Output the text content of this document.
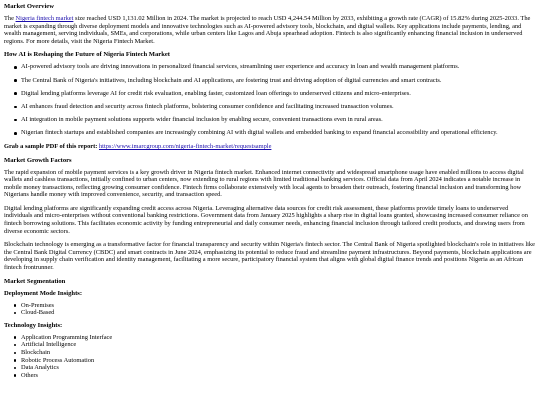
Market Overview

The Nigeria fintech market size reached USD 1,131.02 Million in 2024. The market is projected to reach USD 4,244.54 Million by 2033, exhibiting a growth rate (CAGR) of 15.82% during 2025-2033. The market is expanding through diverse deployment models and innovative technologies such as AI-powered advisory tools, blockchain, and digital wallets. Key applications include payments, lending, and wealth management, serving individuals, SMEs, and corporations, while urban centers like Lagos and Abuja spearhead adoption. Fintech is also significantly enhancing financial inclusion in underserved regions. For more details, visit the Nigeria Fintech Market.

How AI is Reshaping the Future of Nigeria Fintech Market
AI-powered advisory tools are driving innovations in personalized financial services, streamlining user experience and accuracy in loan and wealth management platforms.
The Central Bank of Nigeria's initiatives, including blockchain and AI applications, are fostering trust and driving adoption of digital currencies and smart contracts.
Digital lending platforms leverage AI for credit risk evaluation, enabling faster, customized loan offerings to underserved citizens and micro-enterprises.
AI enhances fraud detection and security across fintech platforms, bolstering consumer confidence and facilitating increased transaction volumes.
AI integration in mobile payment solutions supports wider financial inclusion by enabling secure, convenient transactions even in rural areas.
Nigerian fintech startups and established companies are increasingly combining AI with digital wallets and embedded banking to expand financial accessibility and operational efficiency.

Grab a sample PDF of this report: https://www.imarcgroup.com/nigeria-fintech-market/requestsample

Market Growth Factors

The rapid expansion of mobile payment services is a key growth driver in Nigeria fintech market. Enhanced internet connectivity and widespread smartphone usage have enabled millions to access digital wallets and cashless transactions, initially confined to urban centers, now extending to rural regions with limited traditional banking services. Official data from April 2024 indicates a notable increase in mobile money transactions, reflecting growing consumer confidence. Fintech firms collaborate extensively with local agents to broaden their outreach, fostering financial inclusion and transforming how Nigerians handle money with improved convenience, security, and transaction speed.

Digital lending platforms are significantly expanding credit access across Nigeria. Leveraging alternative data sources for credit risk assessment, these platforms provide timely loans to underserved individuals and micro-enterprises without conventional banking restrictions. Government data from January 2025 highlights a sharp rise in digital loans granted, showcasing increased consumer reliance on fintech borrowing solutions. This facilitates economic activity by funding entrepreneurial and daily consumer needs, enhancing financial inclusion through tailored credit products, and drawing users from diverse economic sectors.

Blockchain technology is emerging as a transformative factor for financial transparency and security within Nigeria's fintech sector. The Central Bank of Nigeria spotlighted blockchain's role in initiatives like the Central Bank Digital Currency (CBDC) and smart contracts in June 2024, emphasizing its potential to reduce fraud and streamline payment infrastructures. Beyond payments, blockchain applications are developing in supply chain verification and identity management, facilitating a more secure, participatory financial system that aligns with global digital finance trends and positions Nigeria as an African fintech frontrunner.

Market Segmentation
Deployment Mode Insights:
On-Premises
Cloud-Based
Technology Insights:
Application Programming Interface
Artificial Intelligence
Blockchain
Robotic Process Automation
Data Analytics
Others
